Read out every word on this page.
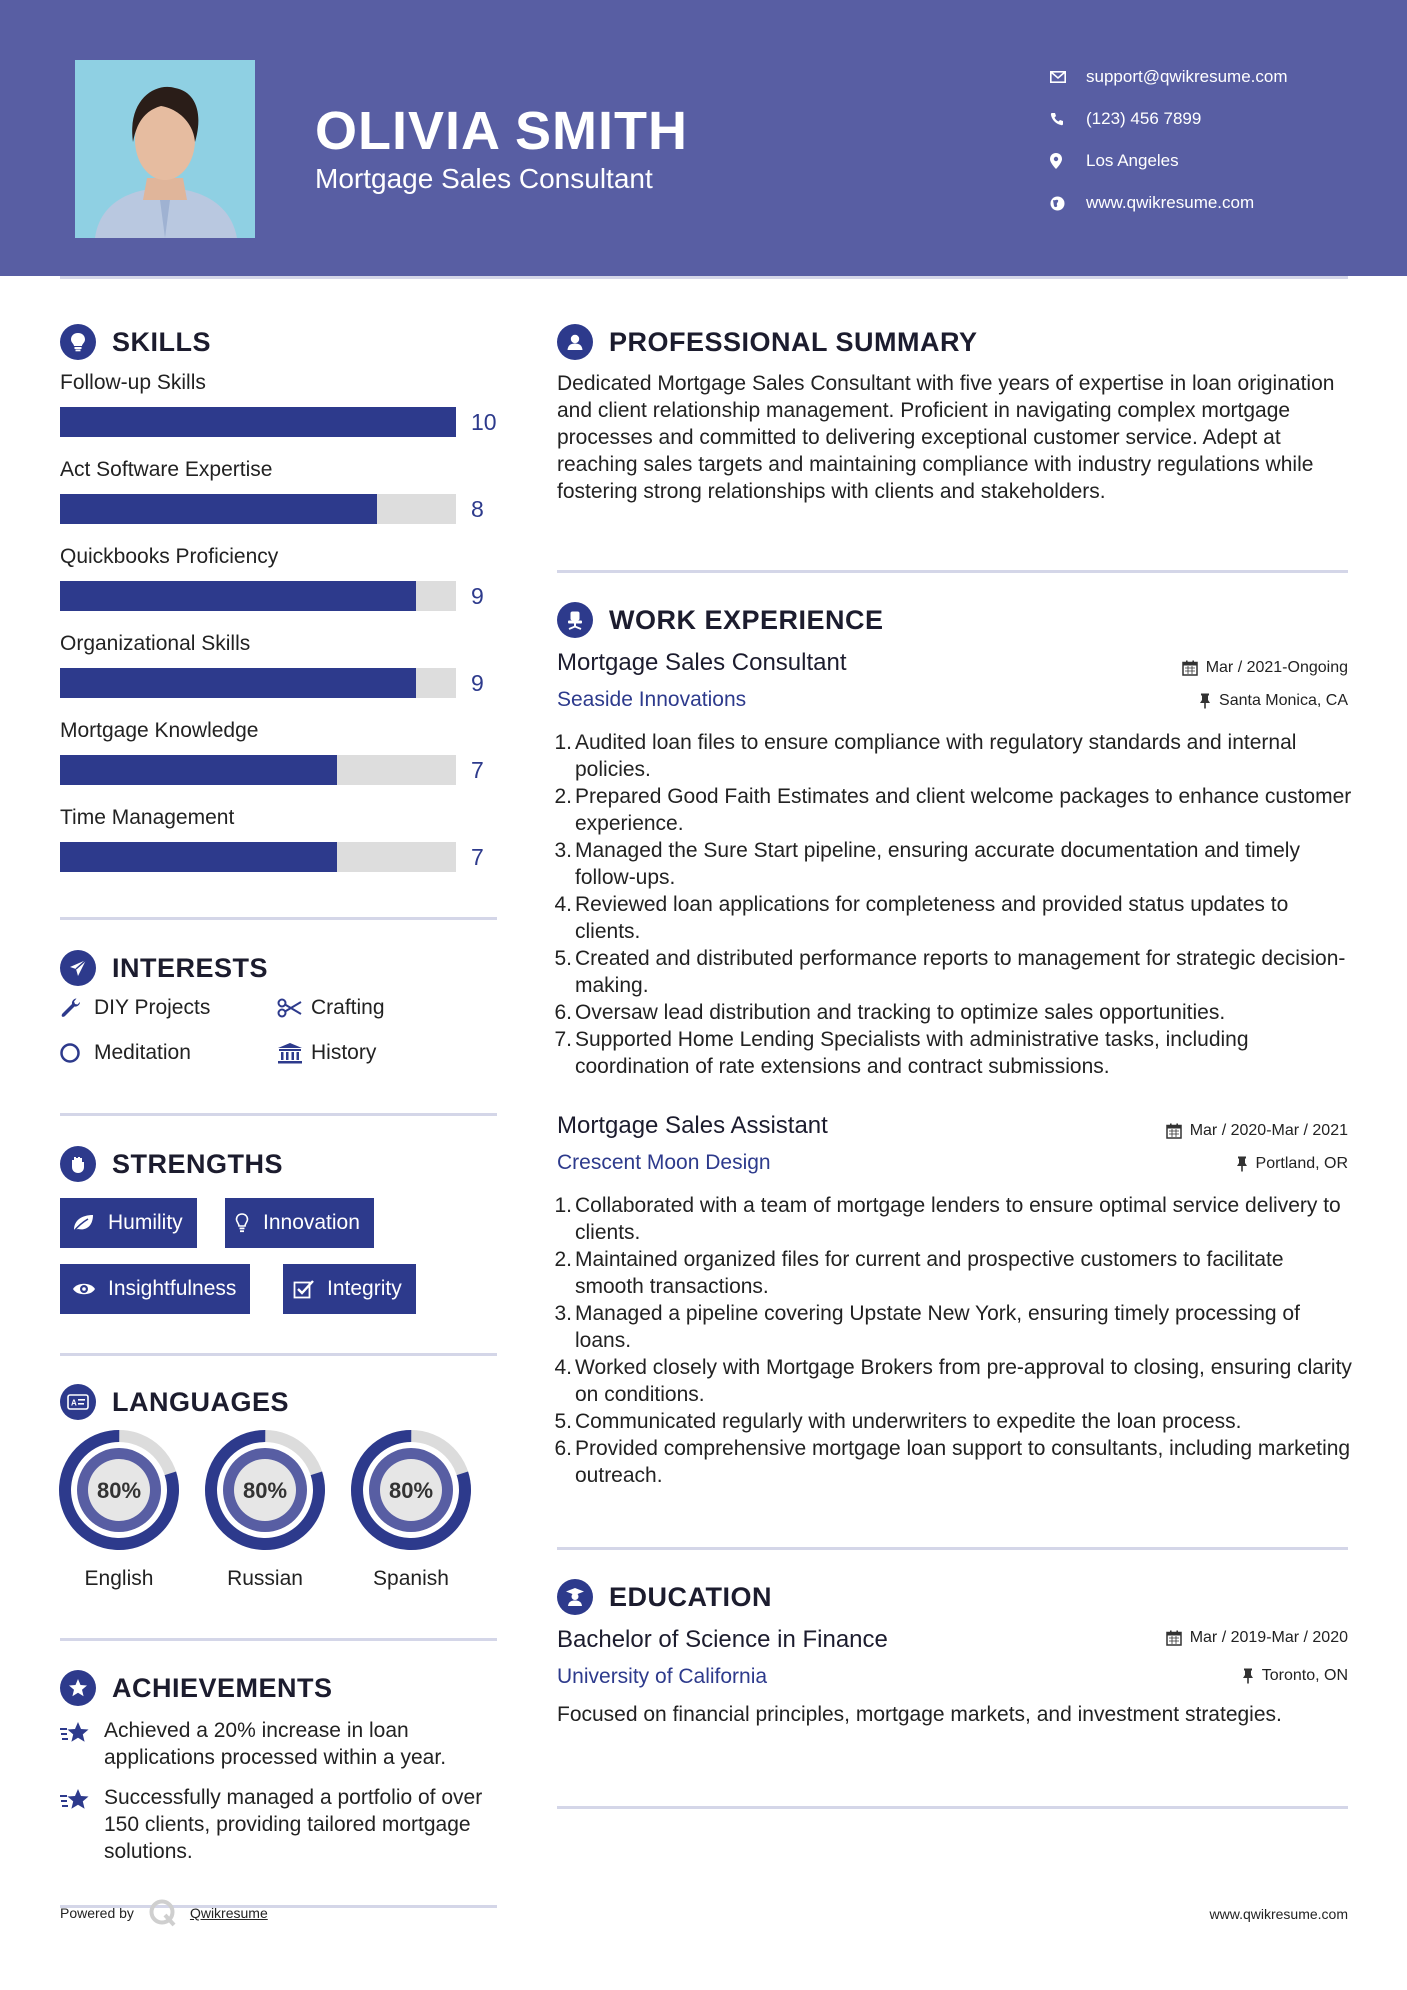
OLIVIA SMITH
Mortgage Sales Consultant
support@qwikresume.com
(123) 456 7899
Los Angeles
www.qwikresume.com
SKILLS
Follow-up Skills
10
Act Software Expertise
8
Quickbooks Proficiency
9
Organizational Skills
9
Mortgage Knowledge
7
Time Management
7
INTERESTS
DIY Projects	Crafting
Meditation	History
STRENGTHS
Humility	Innovation
Insightfulness	Integrity
A LANGUAGES
80%
English
80%
Russian
80%
Spanish
ACHIEVEMENTS
Achieved a 20% increase in loan applications processed within a year.
Successfully managed a portfolio of over 150 clients, providing tailored mortgage solutions.
Powered by	Qwikresume	www.qwikresume.com
PROFESSIONAL SUMMARY
Dedicated Mortgage Sales Consultant with five years of expertise in loan origination and client relationship management. Proficient in navigating complex mortgage processes and committed to delivering exceptional customer service. Adept at reaching sales targets and maintaining compliance with industry regulations while fostering strong relationships with clients and stakeholders.
WORK EXPERIENCE
Mortgage Sales Consultant	Mar / 2021-Ongoing
Seaside Innovations	Santa Monica, CA
1. Audited loan files to ensure compliance with regulatory standards and internal policies.
2. Prepared Good Faith Estimates and client welcome packages to enhance customer experience.
3. Managed the Sure Start pipeline, ensuring accurate documentation and timely follow-ups.
4. Reviewed loan applications for completeness and provided status updates to clients.
5. Created and distributed performance reports to management for strategic decision-making.
6. Oversaw lead distribution and tracking to optimize sales opportunities.
7. Supported Home Lending Specialists with administrative tasks, including coordination of rate extensions and contract submissions.
Mortgage Sales Assistant	Mar / 2020-Mar / 2021
Crescent Moon Design	Portland, OR
1. Collaborated with a team of mortgage lenders to ensure optimal service delivery to clients.
2. Maintained organized files for current and prospective customers to facilitate smooth transactions.
3. Managed a pipeline covering Upstate New York, ensuring timely processing of loans.
4. Worked closely with Mortgage Brokers from pre-approval to closing, ensuring clarity on conditions.
5. Communicated regularly with underwriters to expedite the loan process.
6. Provided comprehensive mortgage loan support to consultants, including marketing outreach.
EDUCATION
Bachelor of Science in Finance	Mar / 2019-Mar / 2020
University of California	Toronto, ON
Focused on financial principles, mortgage markets, and investment strategies.
